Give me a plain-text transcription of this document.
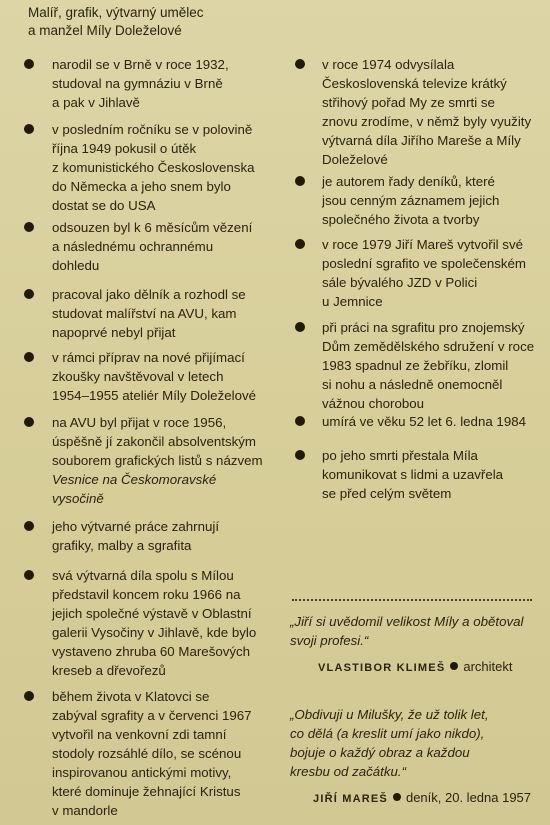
Malíř, grafik, výtvarný umělec
a manžel Míly Doleželové
narodil se v Brně v roce 1932,
studoval na gymnáziu v Brně
a pak v Jihlavě
v posledním ročníku se v polovině
října 1949 pokusil o útěk
z komunistického Československa
do Německa a jeho snem bylo
dostat se do USA
odsouzen byl k 6 měsícům vězení
a následnému ochrannému
dohledu
pracoval jako dělník a rozhodl se
studovat malířství na AVU, kam
napoprvé nebyl přijat
v rámci příprav na nové přijímací
zkoušky navštěvoval v letech
1954–1955 ateliér Míly Doleželové
na AVU byl přijat v roce 1956,
úspěšně jí zakončil absolventským
souborem grafických listů s názvem
Vesnice na Českomoravské
vysočině
jeho výtvarné práce zahrnují
grafiky, malby a sgrafita
svá výtvarná díla spolu s Mílou
představil koncem roku 1966 na
jejich společné výstavě v Oblastní
galerii Vysočiny v Jihlavě, kde bylo
vystaveno zhruba 60 Marešových
kreseb a dřevořezů
během života v Klatovci se
zabýval sgrafity a v červenci 1967
vytvořil na venkovní zdi tamní
stodoly rozsáhlé dílo, se scénou
inspirovanou antickými motivy,
které dominuje žehnající Kristus
v mandorle
v roce 1974 odvysílala
Československá televize krátký
střihový pořad My ze smrti se
znovu zrodíme, v němž byly využity
výtvarná díla Jiřího Mareše a Míly
Doleželové
je autorem řady deníků, které
jsou cenným záznamem jejich
společného života a tvorby
v roce 1979 Jiří Mareš vytvořil své
poslední sgrafito ve společenském
sále bývalého JZD v Polici
u Jemnice
při práci na sgrafitu pro znojemský
Dům zemědělského sdružení v roce
1983 spadnul ze žebříku, zlomil
si nohu a následně onemocněl
vážnou chorobou
umírá ve věku 52 let 6. ledna 1984
po jeho smrti přestala Míla
komunikovat s lidmi a uzavřela
se před celým světem
„Jiří si uvědomil velikost Míly a obětoval
svoji profesi.“
VLASTIBOR KLIMEŠ architekt
„Obdivuji u Milušky, že už tolik let,
co dělá (a kreslit umí jako nikdo),
bojuje o každý obraz a každou
kresbu od začátku.“
JIŘÍ MAREŠ deník, 20. ledna 1957
